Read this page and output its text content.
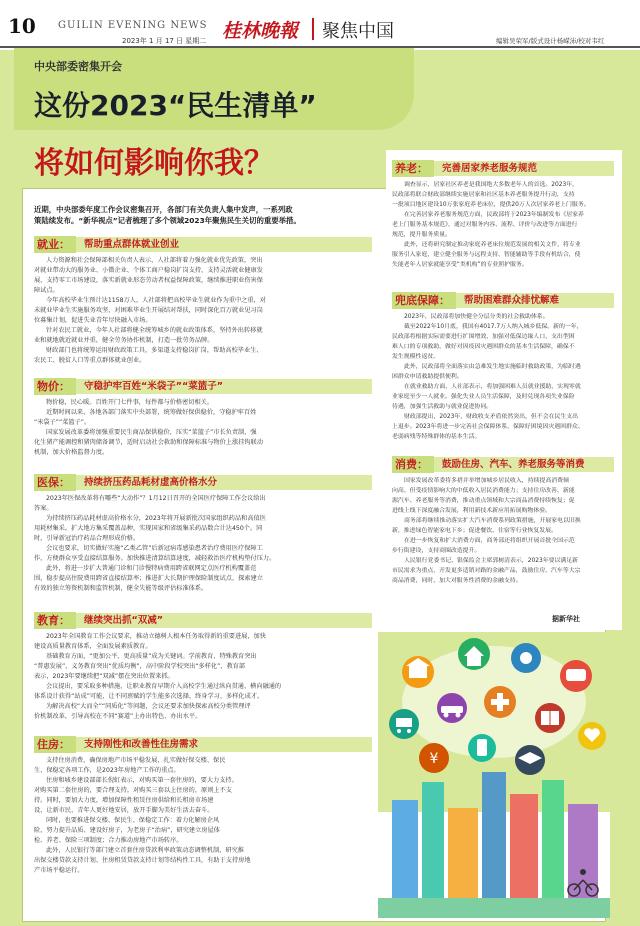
10 GUILIN EVENING NEWS
2023年 1 月 17 日 星期二 桂林晚報 聚焦中国	编辑吴荣军/版式设计杨嵘沛/校对韦红
中央部委密集开会
这份2023“民生清单”
将如何影响你我？
近期，中央部委年度工作会议密集召开，各部门有关负责人集中发声，一系列政
策陆续发布。“新华视点”记者梳理了多个领域2023年聚焦民生关切的重要举措。
就业：	帮助重点群体就业创业
人力资源和社会保障部相关负责人表示，人社部将着力强化就业优先政策，突出
对就业带动大的服务业、小微企业、个体工商户稳岗扩岗支持，支持灵活就业健康发
展，支持零工市场建设，落实新就业形态劳动者权益保障政策，继续推进职业伤害保
障试点。
今年高校毕业生预计达1158万人，人社部将把高校毕业生就业作为重中之重，对
未就业毕业生实施服务攻坚，对困难毕业生开展结对帮扶，同时深化百万就业见习岗
位募集计划，促进失业青年尽快融入市场。
针对农民工就业，今年人社部将健全统筹城乡的就业政策体系，坚持外出转移就
业和就地就近就业并重，健全劳务协作机制，打造一批劳务品牌。
财政部门也将统筹运用财政政策工具，多渠道支持稳岗扩岗，帮助高校毕业生、
农民工、脱贫人口等重点群体就业创业。
物价：	守稳护牢百姓“米袋子”“菜篮子”
物价稳，民心暖。百姓开门七件事，每件都与价格密切相关。
近期时间以来，各地各部门落实中央部署，统筹做好保供稳价，守稳护牢百姓
“米袋子”“菜篮子”。
国家发展改革委将加强重要民生商品保供稳价，压实“菜篮子”市长负责制，强
化生猪产能调控和猪肉储备调节，适时启动社会救助和保障标准与物价上涨挂钩联动
机制，加大价格监督力度。
医保：	持续挤压药品耗材虚高价格水分
2023年医保改革将有哪些“大动作”？1月12日召开的全国医疗保障工作会议给出
答案。
为持续挤压药品耗材虚高价格水分，2023年将开展新批次国家组织药品和高值医
用耗材集采。扩大地方集采覆盖品种，实现国家和省级集采药品数合计达450个。同
时，引导新冠治疗药品合理形成价格。
会议也要求，切实做好实施“乙类乙管”后新冠病毒感染患者治疗费用医疗保障工
作，方便群众享受直接结算服务。加快推进清算结算速度，减轻救治医疗机构垫付压力。
此外，将进一步扩大普通门诊和门诊慢特病费用跨省联网定点医疗机构覆盖范
围，稳步提高住院费用跨省直接结算率；推进扩大长期护理保险制度试点，探索建立
有效的独立筹资机制和监管机制，健全失能等级评估标准体系。
教育：	继续突出抓“双减”
2023年全国教育工作会议要求，推动立德树人根本任务取得新的重要进展，加快
建设高质量教育体系，全面发展素质教育。
基础教育方面，“更加公平、更高质量”成为关键词。学前教育、特殊教育突出
“普惠发展”，义务教育突出“优质均衡”，高中阶段学校突出“多样化”，教育部
表示，2023年要继续把“双减”摆在突出位置来抓。
会议提出，要采取多种措施，让职业教育早期介入高校学生通过纵向贯通、横向融通的
体系设计获得“站成”可能，让不同禀赋的学生能多次选择、终身学习、多样化成才。
为解决高校“大而全”“同质化”等问题，会议还要求加快探索高校分类管理评
价机制改革，引导高校在不同“赛道”上办出特色、办出水平。
住房：	支持刚性和改善性住房需求
支持住房消费，确保房地产市场平稳发展，扎实做好保交楼、保民
生、保稳定各项工作，是2023年房地产工作的重点。
住房和城乡建设部部长倪虹表示，对购买第一套住房的，要大力支持。
对购买第二套住房的，要合理支持。对购买三套以上住房的，原则上不支
持。同时，要加大力度，增加保障性租赁住房供给和长租房市场建
设，让新市民、青年人更好地安居，放开手脚为美好生活去奋斗。
同时，也要推进保交楼、保民生、保稳定工作：着力化解房企风
险，努力提升品质、建设好房子，为老房子“治病”，研究建立房屋体
检、养老、保险三项制度；合力推动房地产市场转序。
此外，人民银行等部门建立首套住房贷款利率政策动态调整机制，研究推
出保交楼贷款支持计划、住房租赁贷款支持计划等结构性工具，有助于支持房地
产市场平稳运行。
养老：	完善居家养老服务规范
调查显示，居家社区养老是我国绝大多数老年人的首选。2023年，
民政部将联合财政部继续实施居家和社区基本养老服务提升行动，支持
一批项目地区建设10万张家庭养老床位，提供20万人次居家养老上门服务。
在完善居家养老服务规范方面，民政部将于2023年编制发布《居家养
老上门服务基本规范》，通过对服务内容、流程、评价与改进等方面进行
规范，提升服务质量。
此外，还将研究制定推动家庭养老床位规范发展的相关文件，将专业
服务引入家庭，建立健全服务与远程支持、智能辅助等手段有机结合，使
失能老年人居家就能享受“类机构”的专业照护服务。
兜底保障：	帮助困难群众排忧解难
2023年，民政部将加快健全分层分类的社会救助体系。
截至2022年10月底，我国有4017.7万人纳入城乡低保。新的一年，
民政部将根据实际需要进行扩围增效，加强对低保边缘人口、支出型困
难人口的专项救助，做好对因疫因灾遇困群众的基本生活保障，确保不
发生规模性返贫。
此外，民政部将全面落实由急难发生地实施临时救助政策，为临时遇
困群众申请救助提供便利。
在就业救助方面，人社部表示，将加强困难人员就业援助，实现零就
业家庭至少一人就业。强化失业人员生活保障，及时兑现各项失业保险
待遇，加强生活救助与就业促进协同。
财政部提出，2023年，财政收支矛盾依然突出，但不会在民生支出
上退步。2023年将进一步完善社会保障体系，保障好困境因灾遇困群众、
老弱病残等特殊群体的基本生活。
消费：	鼓励住房、汽车、养老服务等消费
国家发展改革委将多措并举增加城乡居民收入，持续提高消费倾
向高、但受疫情影响大的中低收入居民消费能力；支持住房改善、新能
源汽车、养老服务等消费，推动重点领域和大宗商品消费持续恢复；促
进线上线下深度融合发展，利用新技术新应用拓展购物体验。
商务部将继续推动落实扩大汽车消费系列政策措施，开展家电以旧换
新，推进绿色智能家电下乡；促进餐饮、住宿等行业恢复发展。
在进一步恢复和扩大消费方面，商务部还将组织开展首批全国示范
步行街建设，支持商圈改造提升。
人民银行党委书记、银保监会主席郭树清表示，2023年要以满足新
市民需求为重点，开发更多适销对路的金融产品，鼓励住房、汽车等大宗
商品消费，同时，加大对服务性消费的金融支持。
据新华社
¥
